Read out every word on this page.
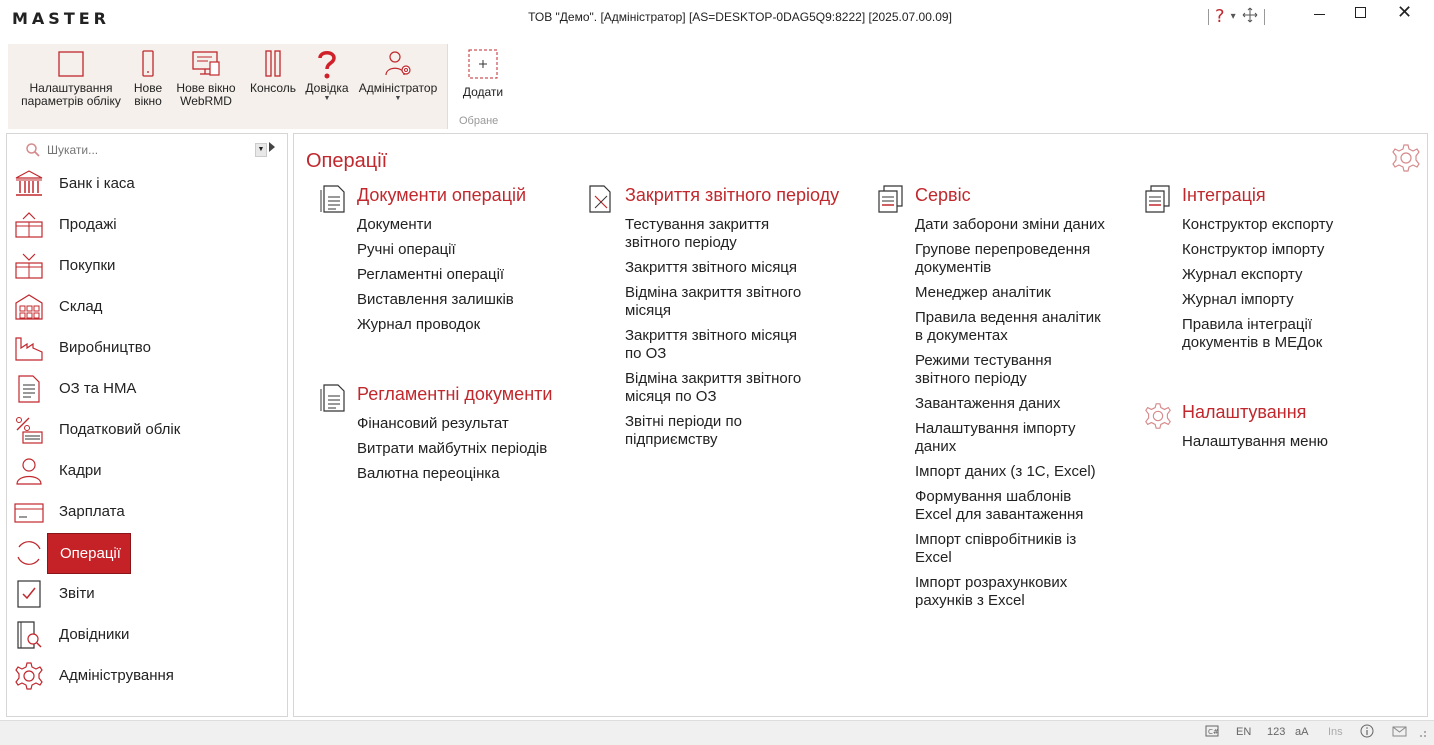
MASTER	ТОВ "Демо". [Адміністратор] [AS=DESKTOP-0DAG5Q9:8222] [2025.07.00.09]	? ▾	✕
Налаштування
параметрів обліку
Нове
вікно
Нове вікно
WebRMD
Консоль Довідка
▼
Адміністратор
▼	Додати
Обране
Шукати...
▼
Банк і каса
Продажі
Покупки
Склад
Виробництво
ОЗ та НМА
Податковий облік
Кадри
Зарплата
Операції
Звіти
Довідники
Адміністрування
Операції
Документи операцій
Документи
Ручні операції
Регламентні операції
Виставлення залишків
Журнал проводок
Регламентні документи
Фінансовий результат
Витрати майбутніх періодів
Валютна переоцінка
Закриття звітного періоду
Тестування закриття
звітного періоду
Закриття звітного місяця
Відміна закриття звітного
місяця
Закриття звітного місяця
по ОЗ
Відміна закриття звітного
місяця по ОЗ
Звітні періоди по
підприємству
Сервіс
Дати заборони зміни даних
Групове перепроведення
документів
Менеджер аналітик
Правила ведення аналітик
в документах
Режими тестування
звітного періоду
Завантаження даних
Налаштування імпорту
даних
Імпорт даних (з 1С, Excel)
Формування шаблонів
Excel для завантаження
Імпорт співробітників із
Excel
Імпорт розрахункових
рахунків з Excel
Інтеграція
Конструктор експорту
Конструктор імпорту
Журнал експорту
Журнал імпорту
Правила інтеграції
документів в МЕДок
Налаштування
Налаштування меню
C# EN 123 aA Ins
